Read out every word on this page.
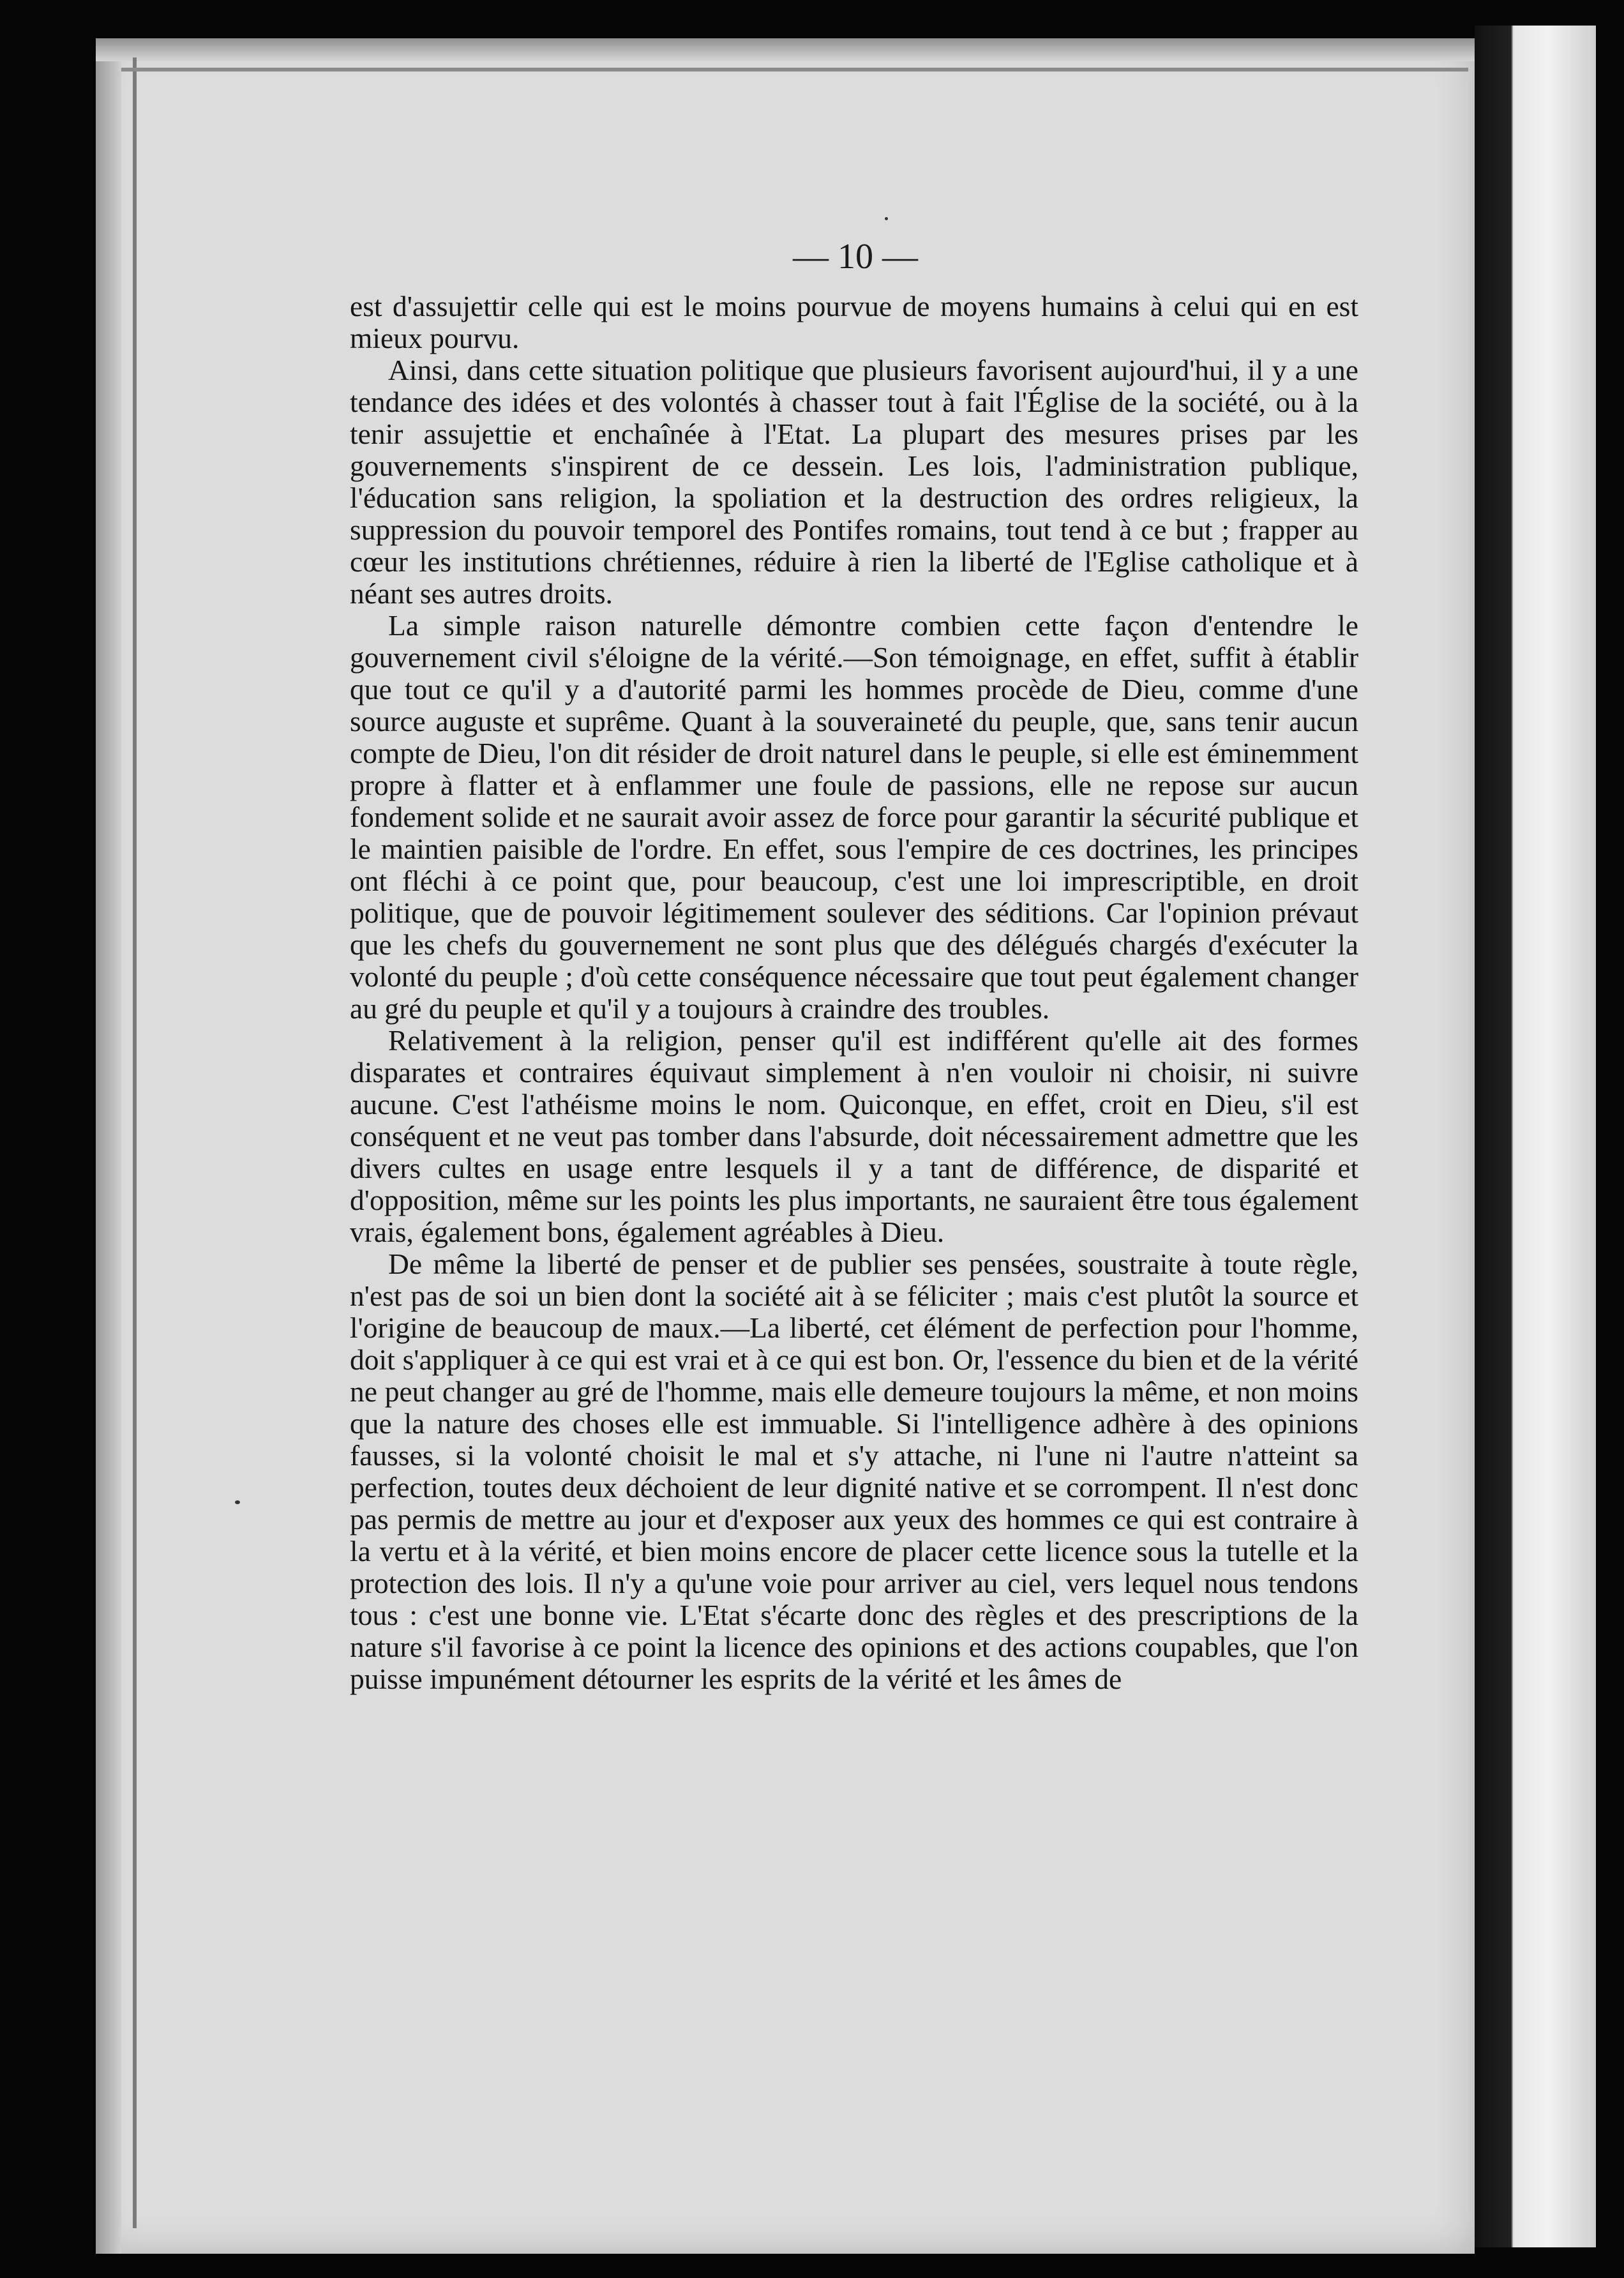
— 10 —

est d'assujettir celle qui est le moins pourvue de moyens humains à celui qui en est mieux pourvu.

Ainsi, dans cette situation politique que plusieurs favorisent aujourd'hui, il y a une tendance des idées et des volontés à chasser tout à fait l'Église de la société, ou à la tenir assujettie et enchaînée à l'Etat. La plupart des mesures prises par les gouvernements s'inspirent de ce dessein. Les lois, l'administration publique, l'éducation sans religion, la spoliation et la destruction des ordres religieux, la suppression du pouvoir temporel des Pontifes romains, tout tend à ce but ; frapper au cœur les institutions chrétiennes, réduire à rien la liberté de l'Eglise catholique et à néant ses autres droits.

La simple raison naturelle démontre combien cette façon d'entendre le gouvernement civil s'éloigne de la vérité.—Son témoignage, en effet, suffit à établir que tout ce qu'il y a d'autorité parmi les hommes procède de Dieu, comme d'une source auguste et suprême. Quant à la souveraineté du peuple, que, sans tenir aucun compte de Dieu, l'on dit résider de droit naturel dans le peuple, si elle est éminemment propre à flatter et à enflammer une foule de passions, elle ne repose sur aucun fondement solide et ne saurait avoir assez de force pour garantir la sécurité publique et le maintien paisible de l'ordre. En effet, sous l'empire de ces doctrines, les principes ont fléchi à ce point que, pour beaucoup, c'est une loi imprescriptible, en droit politique, que de pouvoir légitimement soulever des séditions. Car l'opinion prévaut que les chefs du gouvernement ne sont plus que des délégués chargés d'exécuter la volonté du peuple ; d'où cette conséquence nécessaire que tout peut également changer au gré du peuple et qu'il y a toujours à craindre des troubles.

Relativement à la religion, penser qu'il est indifférent qu'elle ait des formes disparates et contraires équivaut simplement à n'en vouloir ni choisir, ni suivre aucune. C'est l'athéisme moins le nom. Quiconque, en effet, croit en Dieu, s'il est conséquent et ne veut pas tomber dans l'absurde, doit nécessairement admettre que les divers cultes en usage entre lesquels il y a tant de différence, de disparité et d'opposition, même sur les points les plus importants, ne sauraient être tous également vrais, également bons, également agréables à Dieu.

De même la liberté de penser et de publier ses pensées, soustraite à toute règle, n'est pas de soi un bien dont la société ait à se féliciter ; mais c'est plutôt la source et l'origine de beaucoup de maux.—La liberté, cet élément de perfection pour l'homme, doit s'appliquer à ce qui est vrai et à ce qui est bon. Or, l'essence du bien et de la vérité ne peut changer au gré de l'homme, mais elle demeure toujours la même, et non moins que la nature des choses elle est immuable. Si l'intelligence adhère à des opinions fausses, si la volonté choisit le mal et s'y attache, ni l'une ni l'autre n'atteint sa perfection, toutes deux déchoient de leur dignité native et se corrompent. Il n'est donc pas permis de mettre au jour et d'exposer aux yeux des hommes ce qui est contraire à la vertu et à la vérité, et bien moins encore de placer cette licence sous la tutelle et la protection des lois. Il n'y a qu'une voie pour arriver au ciel, vers lequel nous tendons tous : c'est une bonne vie. L'Etat s'écarte donc des règles et des prescriptions de la nature s'il favorise à ce point la licence des opinions et des actions coupables, que l'on puisse impunément détourner les esprits de la vérité et les âmes de
